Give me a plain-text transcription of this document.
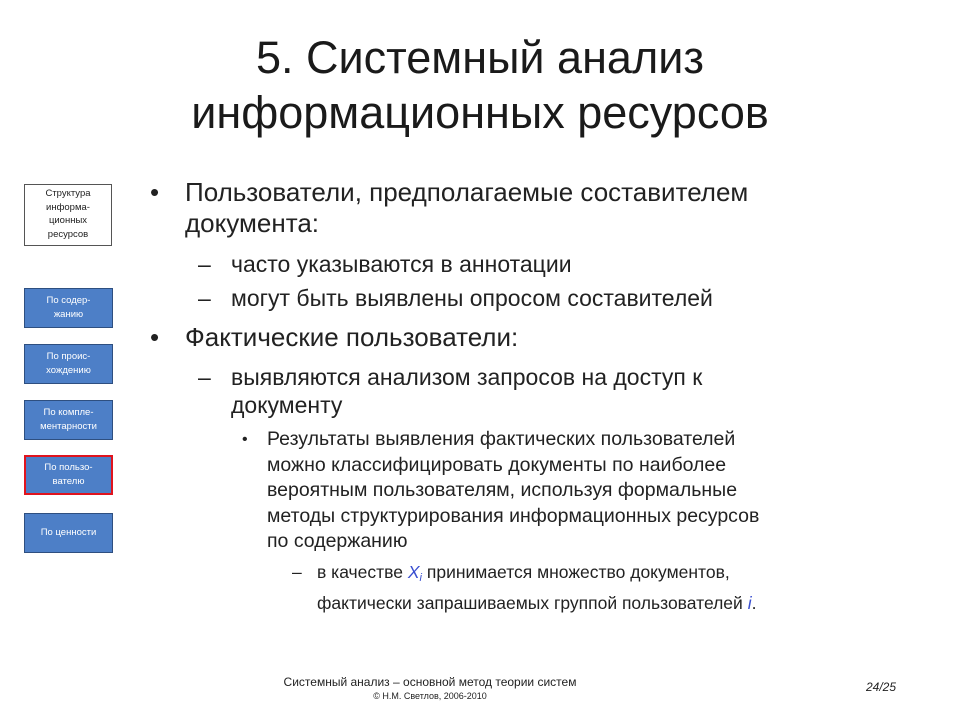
5. Системный анализ
информационных ресурсов
Структура
информа-
ционных
ресурсов
По содер-
жанию
По проис-
хождению
По компле-
ментарности
По пользо-
вателю
По ценности
• Пользователи, предполагаемые составителем
документа:
– часто указываются в аннотации
– могут быть выявлены опросом составителей
• Фактические пользователи:
– выявляются анализом запросов на доступ к
документу
• Результаты выявления фактических пользователей
можно классифицировать документы по наиболее
вероятным пользователям, используя формальные
методы структурирования информационных ресурсов
по содержанию
– в качестве $X_i$ принимается множество документов,
фактически запрашиваемых группой пользователей i.
Системный анализ – основной метод теории систем
© Н.М. Светлов, 2006-2010
24/25
